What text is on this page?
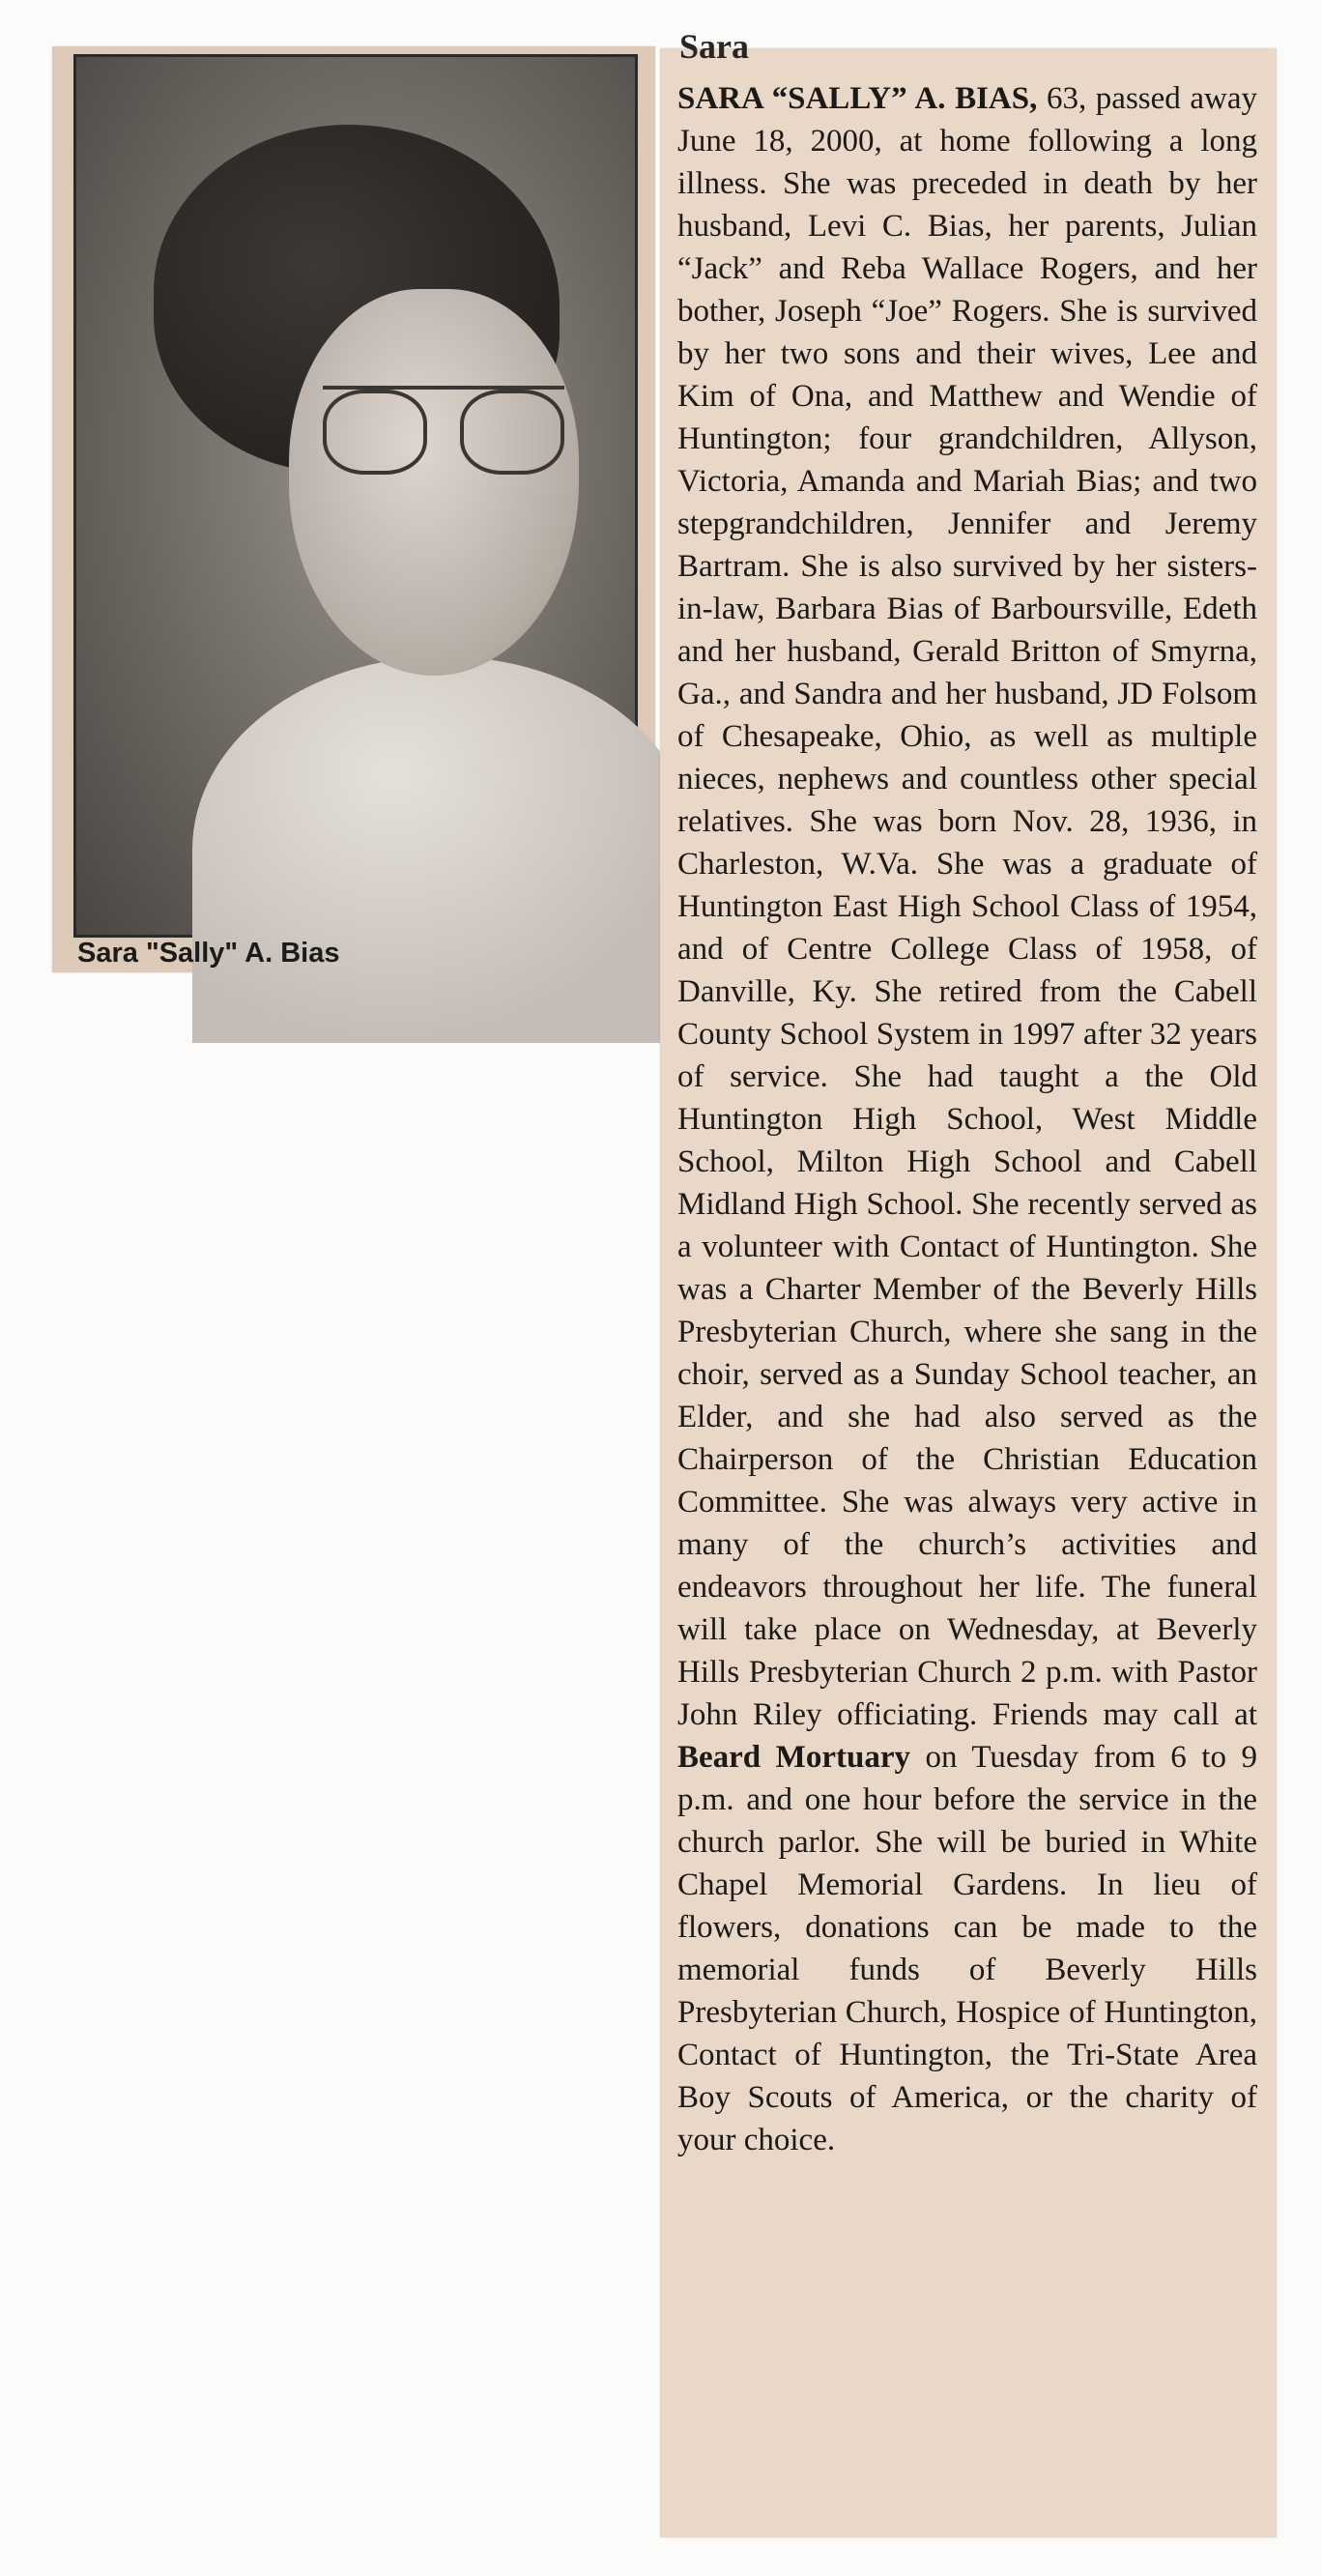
Sara "Sally" A. Bias
Sara
SARA “SALLY” A. BIAS, 63, passed away June 18, 2000, at home following a long illness. She was preceded in death by her husband, Levi C. Bias, her parents, Julian “Jack” and Reba Wallace Rogers, and her bother, Joseph “Joe” Rogers. She is survived by her two sons and their wives, Lee and Kim of Ona, and Matthew and Wendie of Huntington; four grandchildren, Allyson, Victoria, Amanda and Mariah Bias; and two stepgrandchildren, Jennifer and Jeremy Bartram. She is also survived by her sisters-in-law, Barbara Bias of Barboursville, Edeth and her husband, Gerald Britton of Smyrna, Ga., and Sandra and her husband, JD Folsom of Chesapeake, Ohio, as well as multiple nieces, nephews and countless other special relatives. She was born Nov. 28, 1936, in Charleston, W.Va. She was a graduate of Huntington East High School Class of 1954, and of Centre College Class of 1958, of Danville, Ky. She retired from the Cabell County School System in 1997 after 32 years of service. She had taught a the Old Huntington High School, West Middle School, Milton High School and Cabell Midland High School. She recently served as a volunteer with Contact of Huntington. She was a Charter Member of the Beverly Hills Presbyterian Church, where she sang in the choir, served as a Sunday School teacher, an Elder, and she had also served as the Chairperson of the Christian Education Committee. She was always very active in many of the church’s activities and endeavors throughout her life. The funeral will take place on Wednesday, at Beverly Hills Presbyterian Church 2 p.m. with Pastor John Riley officiating. Friends may call at Beard Mortuary on Tuesday from 6 to 9 p.m. and one hour before the service in the church parlor. She will be buried in White Chapel Memorial Gardens. In lieu of flowers, donations can be made to the memorial funds of Beverly Hills Presbyterian Church, Hospice of Huntington, Contact of Huntington, the Tri-State Area Boy Scouts of America, or the charity of your choice.
